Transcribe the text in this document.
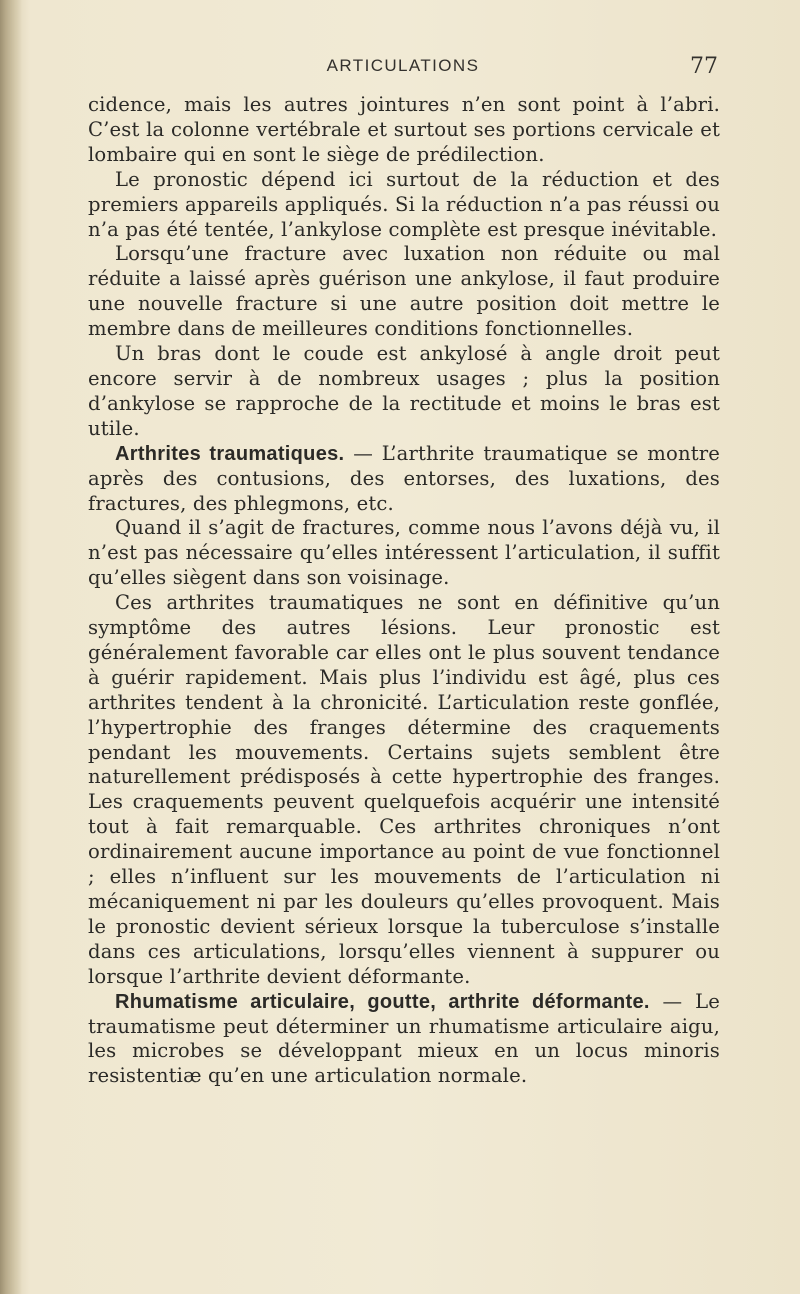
ARTICULATIONS	77

cidence, mais les autres jointures n’en sont point à l’abri. C’est la colonne vertébrale et surtout ses portions cervicale et lombaire qui en sont le siège de prédilection.

Le pronostic dépend ici surtout de la réduction et des premiers appareils appliqués. Si la réduction n’a pas réussi ou n’a pas été tentée, l’ankylose complète est presque inévitable.

Lorsqu’une fracture avec luxation non réduite ou mal réduite a laissé après guérison une ankylose, il faut produire une nouvelle fracture si une autre position doit mettre le membre dans de meilleures conditions fonctionnelles.

Un bras dont le coude est ankylosé à angle droit peut encore servir à de nombreux usages ; plus la position d’ankylose se rapproche de la rectitude et moins le bras est utile.

Arthrites traumatiques. — L’arthrite traumatique se montre après des contusions, des entorses, des luxations, des fractures, des phlegmons, etc.

Quand il s’agit de fractures, comme nous l’avons déjà vu, il n’est pas nécessaire qu’elles intéressent l’articulation, il suffit qu’elles siègent dans son voisinage.

Ces arthrites traumatiques ne sont en définitive qu’un symptôme des autres lésions. Leur pronostic est généralement favorable car elles ont le plus souvent tendance à guérir rapidement. Mais plus l’individu est âgé, plus ces arthrites tendent à la chronicité. L’articulation reste gonflée, l’hypertrophie des franges détermine des craquements pendant les mouvements. Certains sujets semblent être naturellement prédisposés à cette hypertrophie des franges. Les craquements peuvent quelquefois acquérir une intensité tout à fait remarquable. Ces arthrites chroniques n’ont ordinairement aucune importance au point de vue fonctionnel ; elles n’influent sur les mouvements de l’articulation ni mécaniquement ni par les douleurs qu’elles provoquent. Mais le pronostic devient sérieux lorsque la tuberculose s’installe dans ces articulations, lorsqu’elles viennent à suppurer ou lorsque l’arthrite devient déformante.

Rhumatisme articulaire, goutte, arthrite déformante. — Le traumatisme peut déterminer un rhumatisme articulaire aigu, les microbes se développant mieux en un locus minoris resistentiæ qu’en une articulation normale.
